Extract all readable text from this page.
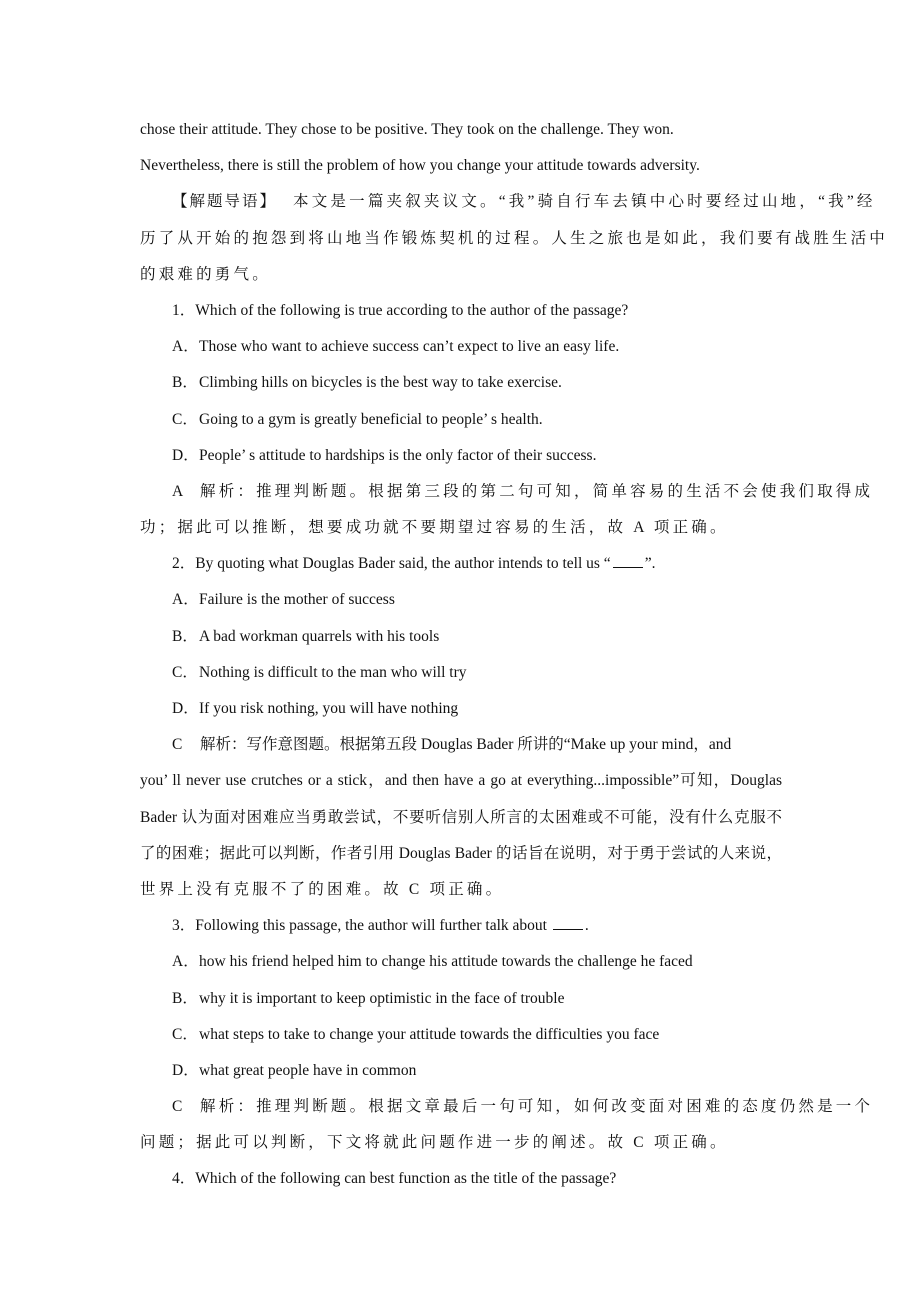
chose their attitude. They chose to be positive. They took on the challenge. They won.
Nevertheless, there is still the problem of how you change your attitude towards adversity.
【解题导语】 本文是一篇夹叙夹议文。“我”骑自行车去镇中心时要经过山地，“我”经
历了从开始的抱怨到将山地当作锻炼契机的过程。人生之旅也是如此，我们要有战胜生活中
的艰难的勇气。
1．Which of the following is true according to the author of the passage?
A．Those who want to achieve success can’t expect to live an easy life.
B．Climbing hills on bicycles is the best way to take exercise.
C．Going to a gym is greatly beneficial to people’ s health.
D．People’ s attitude to hardships is the only factor of their success.
A 解析：推理判断题。根据第三段的第二句可知，简单容易的生活不会使我们取得成
功；据此可以推断，想要成功就不要期望过容易的生活，故 A 项正确。
2．By quoting what Douglas Bader said, the author intends to tell us “ ”.
A．Failure is the mother of success
B．A bad workman quarrels with his tools
C．Nothing is difficult to the man who will try
D．If you risk nothing, you will have nothing
C 解析：写作意图题。根据第五段 Douglas Bader 所讲的“Make up your mind，and
you’ ll never use crutches or a stick，and then have a go at everything...impossible”可知，Douglas
Bader 认为面对困难应当勇敢尝试，不要听信别人所言的太困难或不可能，没有什么克服不
了的困难；据此可以判断，作者引用 Douglas Bader 的话旨在说明，对于勇于尝试的人来说，
世界上没有克服不了的困难。故 C 项正确。
3．Following this passage, the author will further talk about .
A．how his friend helped him to change his attitude towards the challenge he faced
B．why it is important to keep optimistic in the face of trouble
C．what steps to take to change your attitude towards the difficulties you face
D．what great people have in common
C 解析：推理判断题。根据文章最后一句可知，如何改变面对困难的态度仍然是一个
问题；据此可以判断，下文将就此问题作进一步的阐述。故 C 项正确。
4．Which of the following can best function as the title of the passage?
